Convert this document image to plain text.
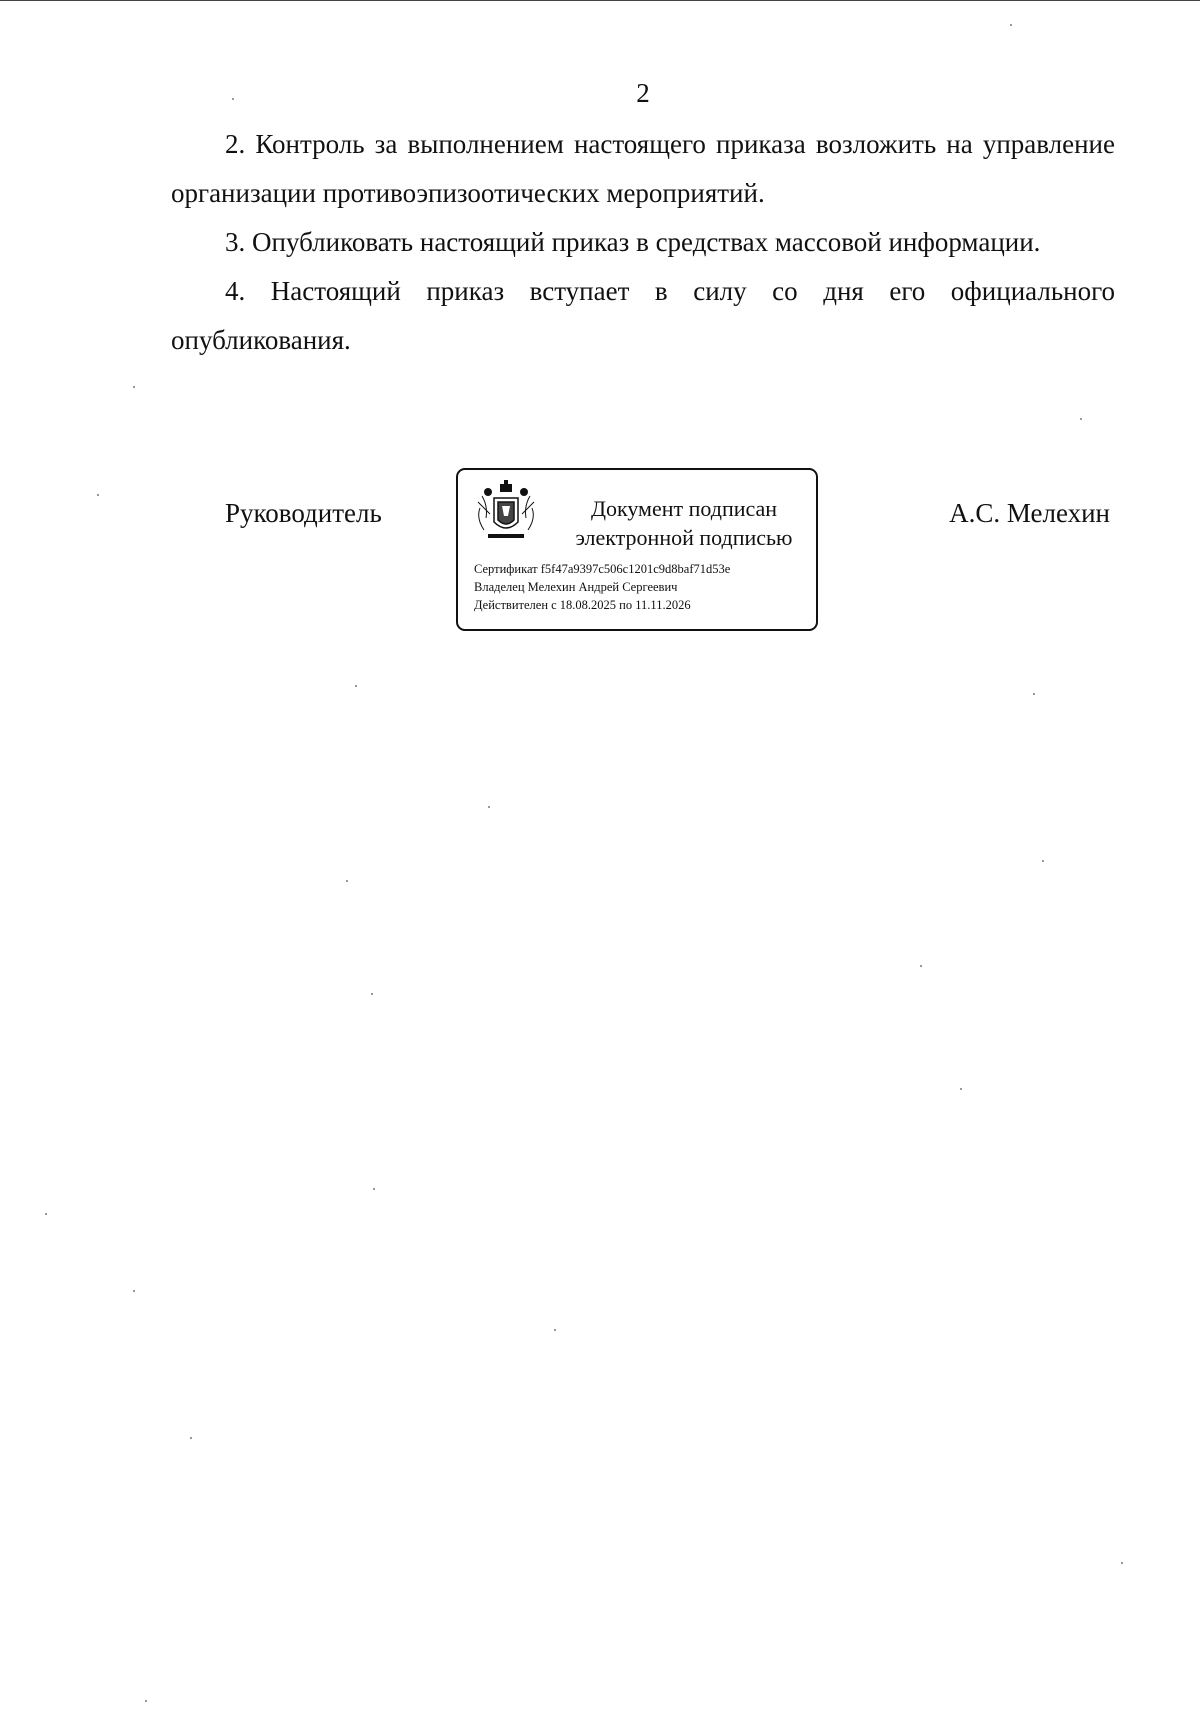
2

2. Контроль за выполнением настоящего приказа возложить на управление организации противоэпизоотических мероприятий.

3. Опубликовать настоящий приказ в средствах массовой информации.

4. Настоящий приказ вступает в силу со дня его официального опубликования.

Руководитель	Документ подписан
электронной подписью
Сертификат f5f47a9397c506c1201c9d8baf71d53e
Владелец Мелехин Андрей Сергеевич
Действителен с 18.08.2025 по 11.11.2026
А.С. Мелехин
